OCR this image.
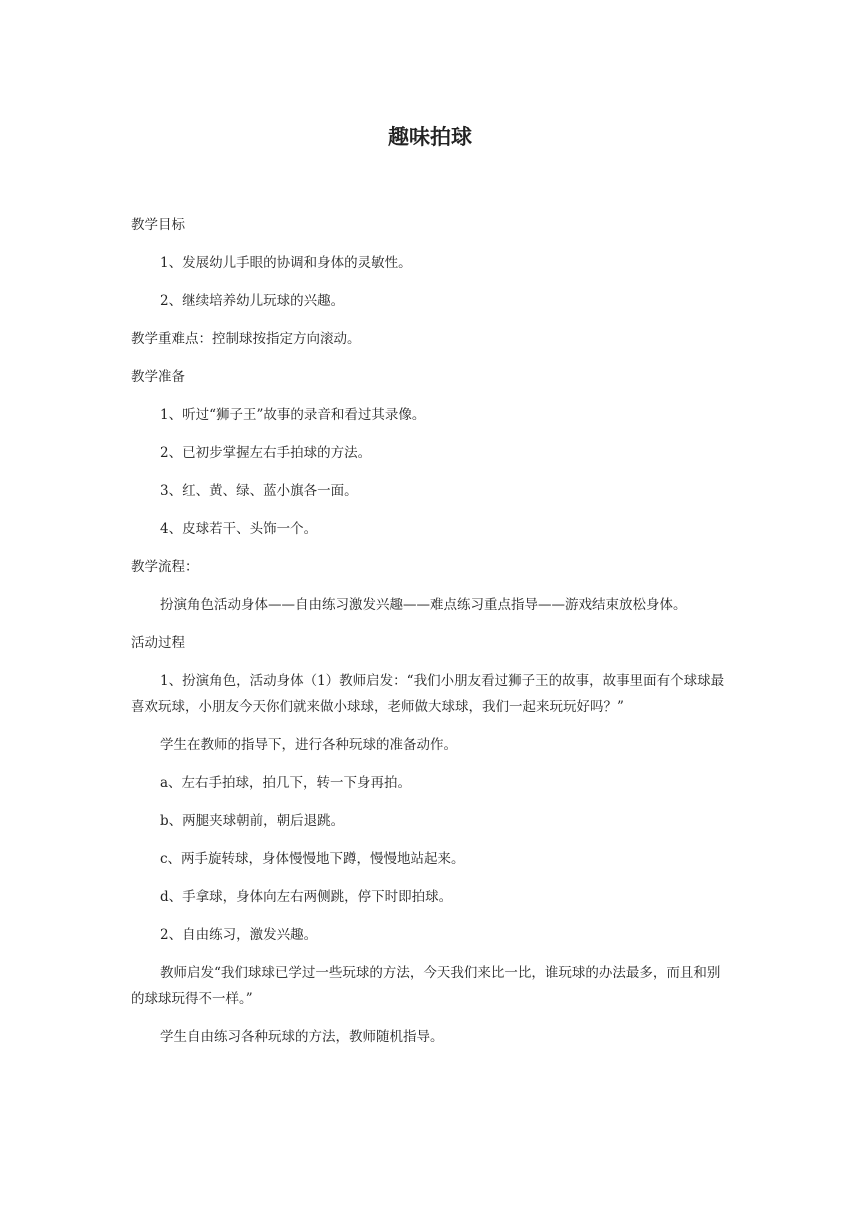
趣味拍球

教学目标

1、发展幼儿手眼的协调和身体的灵敏性。

2、继续培养幼儿玩球的兴趣。

教学重难点：控制球按指定方向滚动。

教学准备

1、听过“狮子王”故事的录音和看过其录像。

2、已初步掌握左右手拍球的方法。

3、红、黄、绿、蓝小旗各一面。

4、皮球若干、头饰一个。

教学流程：

扮演角色活动身体——自由练习激发兴趣——难点练习重点指导——游戏结束放松身体。

活动过程

1、扮演角色，活动身体（1）教师启发：“我们小朋友看过狮子王的故事，故事里面有个球球最喜欢玩球，小朋友今天你们就来做小球球，老师做大球球，我们一起来玩玩好吗？”

学生在教师的指导下，进行各种玩球的准备动作。

a、左右手拍球，拍几下，转一下身再拍。

b、两腿夹球朝前，朝后退跳。

c、两手旋转球，身体慢慢地下蹲，慢慢地站起来。

d、手拿球，身体向左右两侧跳，停下时即拍球。

2、自由练习，激发兴趣。

教师启发“我们球球已学过一些玩球的方法，今天我们来比一比，谁玩球的办法最多，而且和别的球球玩得不一样。”

学生自由练习各种玩球的方法，教师随机指导。
